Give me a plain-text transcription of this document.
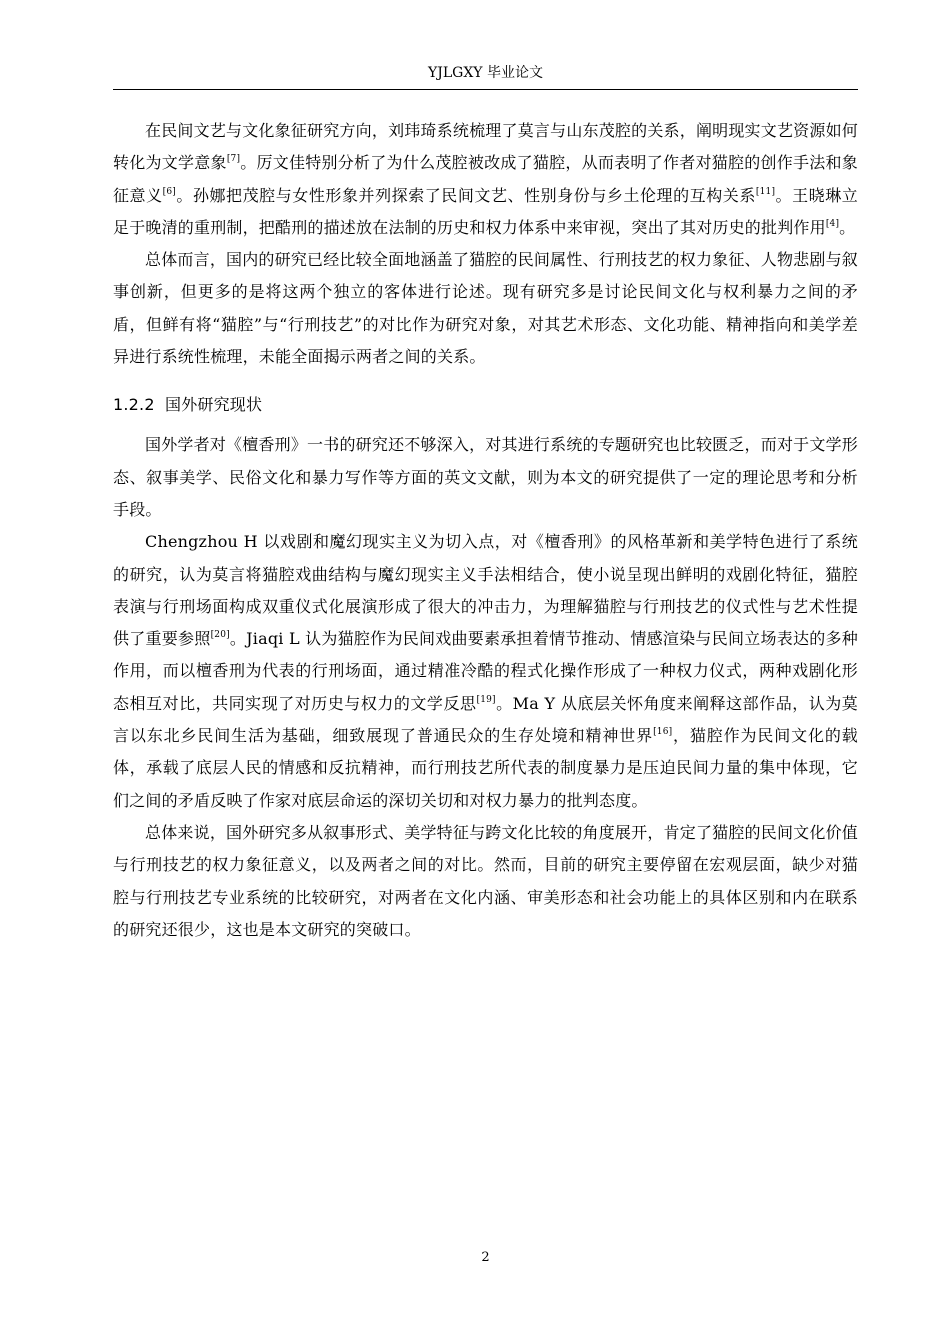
YJLGXY 毕业论文

在民间文艺与文化象征研究方向，刘玮琦系统梳理了莫言与山东茂腔的关系，阐明现实文艺资源如何转化为文学意象[7]。厉文佳特别分析了为什么茂腔被改成了猫腔，从而表明了作者对猫腔的创作手法和象征意义[6]。孙娜把茂腔与女性形象并列探索了民间文艺、性别身份与乡土伦理的互构关系[11]。王晓琳立足于晚清的重刑制，把酷刑的描述放在法制的历史和权力体系中来审视，突出了其对历史的批判作用[4]。

总体而言，国内的研究已经比较全面地涵盖了猫腔的民间属性、行刑技艺的权力象征、人物悲剧与叙事创新，但更多的是将这两个独立的客体进行论述。现有研究多是讨论民间文化与权利暴力之间的矛盾，但鲜有将“猫腔”与“行刑技艺”的对比作为研究对象，对其艺术形态、文化功能、精神指向和美学差异进行系统性梳理，未能全面揭示两者之间的关系。

1.2.2 国外研究现状

国外学者对《檀香刑》一书的研究还不够深入，对其进行系统的专题研究也比较匮乏，而对于文学形态、叙事美学、民俗文化和暴力写作等方面的英文文献，则为本文的研究提供了一定的理论思考和分析手段。

Chengzhou H 以戏剧和魔幻现实主义为切入点，对《檀香刑》的风格革新和美学特色进行了系统的研究，认为莫言将猫腔戏曲结构与魔幻现实主义手法相结合，使小说呈现出鲜明的戏剧化特征，猫腔表演与行刑场面构成双重仪式化展演形成了很大的冲击力，为理解猫腔与行刑技艺的仪式性与艺术性提供了重要参照[20]。Jiaqi L 认为猫腔作为民间戏曲要素承担着情节推动、情感渲染与民间立场表达的多种作用，而以檀香刑为代表的行刑场面，通过精准冷酷的程式化操作形成了一种权力仪式，两种戏剧化形态相互对比，共同实现了对历史与权力的文学反思[19]。Ma Y 从底层关怀角度来阐释这部作品，认为莫言以东北乡民间生活为基础，细致展现了普通民众的生存处境和精神世界[16]，猫腔作为民间文化的载体，承载了底层人民的情感和反抗精神，而行刑技艺所代表的制度暴力是压迫民间力量的集中体现，它们之间的矛盾反映了作家对底层命运的深切关切和对权力暴力的批判态度。

总体来说，国外研究多从叙事形式、美学特征与跨文化比较的角度展开，肯定了猫腔的民间文化价值与行刑技艺的权力象征意义，以及两者之间的对比。然而，目前的研究主要停留在宏观层面，缺少对猫腔与行刑技艺专业系统的比较研究，对两者在文化内涵、审美形态和社会功能上的具体区别和内在联系的研究还很少，这也是本文研究的突破口。

2
